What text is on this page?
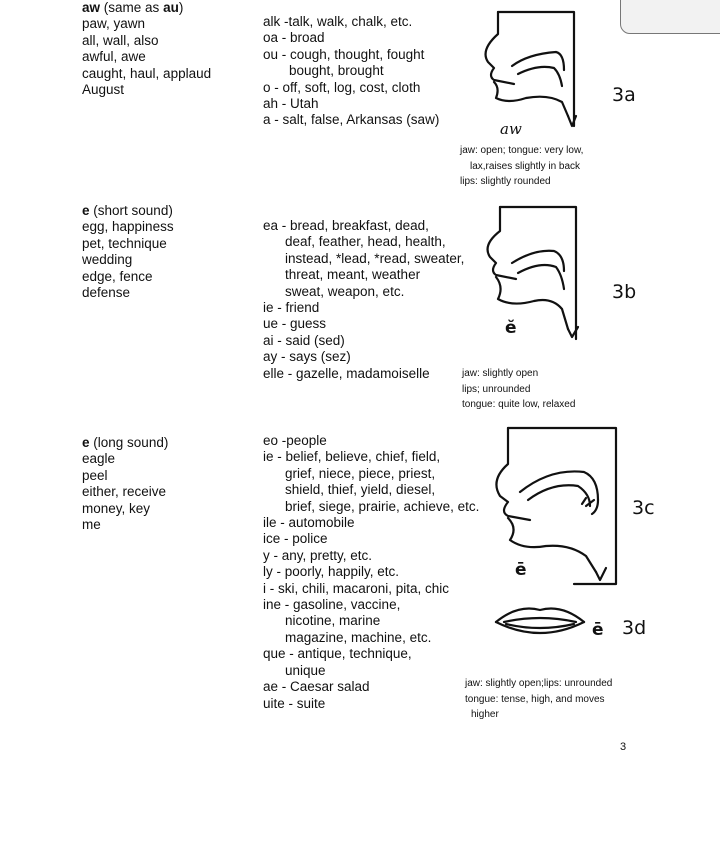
aw (same as au)
paw, yawn
all, wall, also
awful, awe
caught, haul, applaud
August
alk -talk, walk, chalk, etc.
oa - broad
ou - cough, thought, fought
bought, brought
o - off, soft, log, cost, cloth
ah - Utah
a - salt, false, Arkansas (saw)
3a
aw
jaw: open; tongue: very low,
lax,raises slightly in back
lips: slightly rounded
e (short sound)
egg, happiness
pet, technique
wedding
edge, fence
defense
ea - bread, breakfast, dead,
deaf, feather, head, health,
instead, *lead, *read, sweater,
threat, meant, weather
sweat, weapon, etc.
ie - friend
ue - guess
ai - said (sed)
ay - says (sez)
elle - gazelle, madamoiselle
3b
ĕ
jaw: slightly open
lips; unrounded
tongue: quite low, relaxed
e (long sound)
eagle
peel
either, receive
money, key
me
eo -people
ie - belief, believe, chief, field,
grief, niece, piece, priest,
shield, thief, yield, diesel,
brief, siege, prairie, achieve, etc.
ile - automobile
ice - police
y - any, pretty, etc.
ly - poorly, happily, etc.
i - ski, chili, macaroni, pita, chic
ine - gasoline, vaccine,
nicotine, marine
magazine, machine, etc.
que - antique, technique,
unique
ae - Caesar salad
uite - suite
3c
ē
ē 3d
jaw: slightly open;lips: unrounded
tongue: tense, high, and moves
higher
3
